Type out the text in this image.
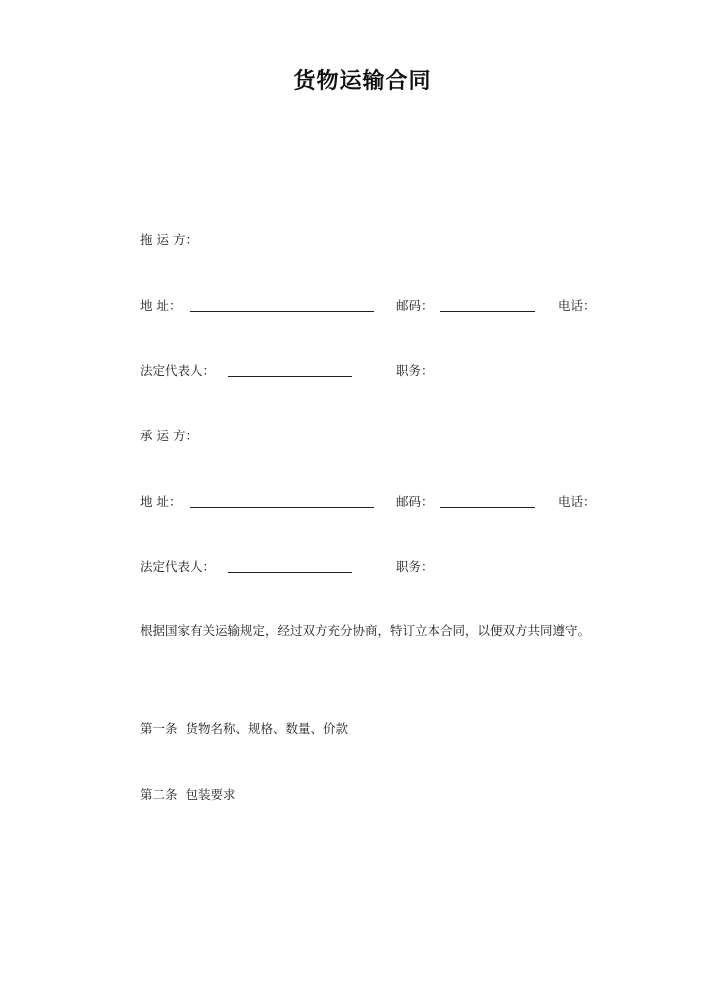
货物运输合同
拖 运 方：
地 址：	邮码：	电话：
法定代表人：	职务：
承 运 方：
地 址：	邮码：	电话：
法定代表人：	职务：
根据国家有关运输规定，经过双方充分协商，特订立本合同，以便双方共同遵守。
第一条  货物名称、规格、数量、价款
第二条  包装要求
